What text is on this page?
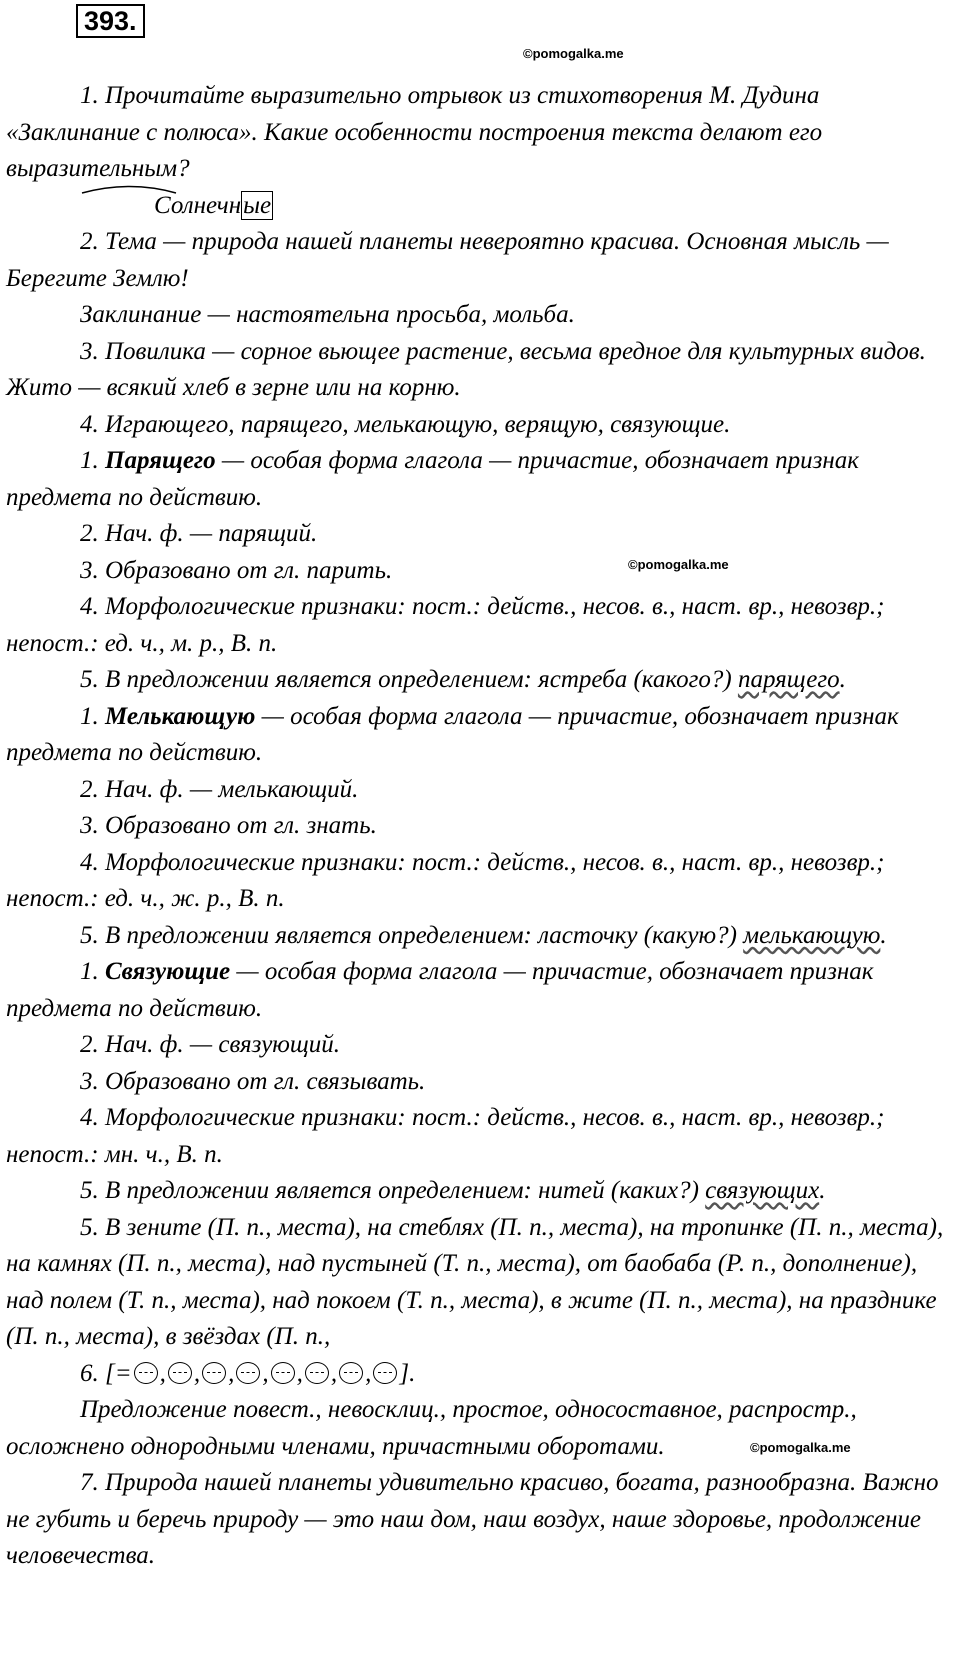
393.
©pomogalka.me
©pomogalka.me
©pomogalka.me

1. Прочитайте выразительно отрывок из стихотворения М. Дудина «Заклинание с полюса». Какие особенности построения текста делают его выразительным?

Солнечные

2. Тема — природа нашей планеты невероятно красива. Основная мысль — Берегите Землю!

Заклинание — настоятельна просьба, мольба.

3. Повилика — сорное вьющее растение, весьма вредное для культурных видов. Жито — всякий хлеб в зерне или на корню.

4. Играющего, парящего, мелькающую, верящую, связующие.

1. Парящего — особая форма глагола — причастие, обозначает признак предмета по действию.

2. Нач. ф. — парящий.

3. Образовано от гл. парить.

4. Морфологические признаки: пост.: действ., несов. в., наст. вр., невозвр.; непост.: ед. ч., м. р., В. п.

5. В предложении является определением: ястреба (какого?) парящего.

1. Мелькающую — особая форма глагола — причастие, обозначает признак предмета по действию.

2. Нач. ф. — мелькающий.

3. Образовано от гл. знать.

4. Морфологические признаки: пост.: действ., несов. в., наст. вр., невозвр.; непост.: ед. ч., ж. р., В. п.

5. В предложении является определением: ласточку (какую?) мелькающую.

1. Связующие — особая форма глагола — причастие, обозначает признак предмета по действию.

2. Нач. ф. — связующий.

3. Образовано от гл. связывать.

4. Морфологические признаки: пост.: действ., несов. в., наст. вр., невозвр.; непост.: мн. ч., В. п.

5. В предложении является определением: нитей (каких?) связующих.

5. В зените (П. п., места), на стеблях (П. п., места), на тропинке (П. п., места), на камнях (П. п., места), над пустыней (Т. п., места), от баобаба (Р. п., дополнение), над полем (Т. п., места), над покоем (Т. п., места), в жите (П. п., места), на празднике (П. п., места), в звёздах (П. п.,

6. [= , , , , , , , ].

Предложение повест., невосклиц., простое, односоставное, распростр., осложнено однородными членами, причастными оборотами.

7. Природа нашей планеты удивительно красиво, богата, разнообразна. Важно не губить и беречь природу — это наш дом, наш воздух, наше здоровье, продолжение человечества.
